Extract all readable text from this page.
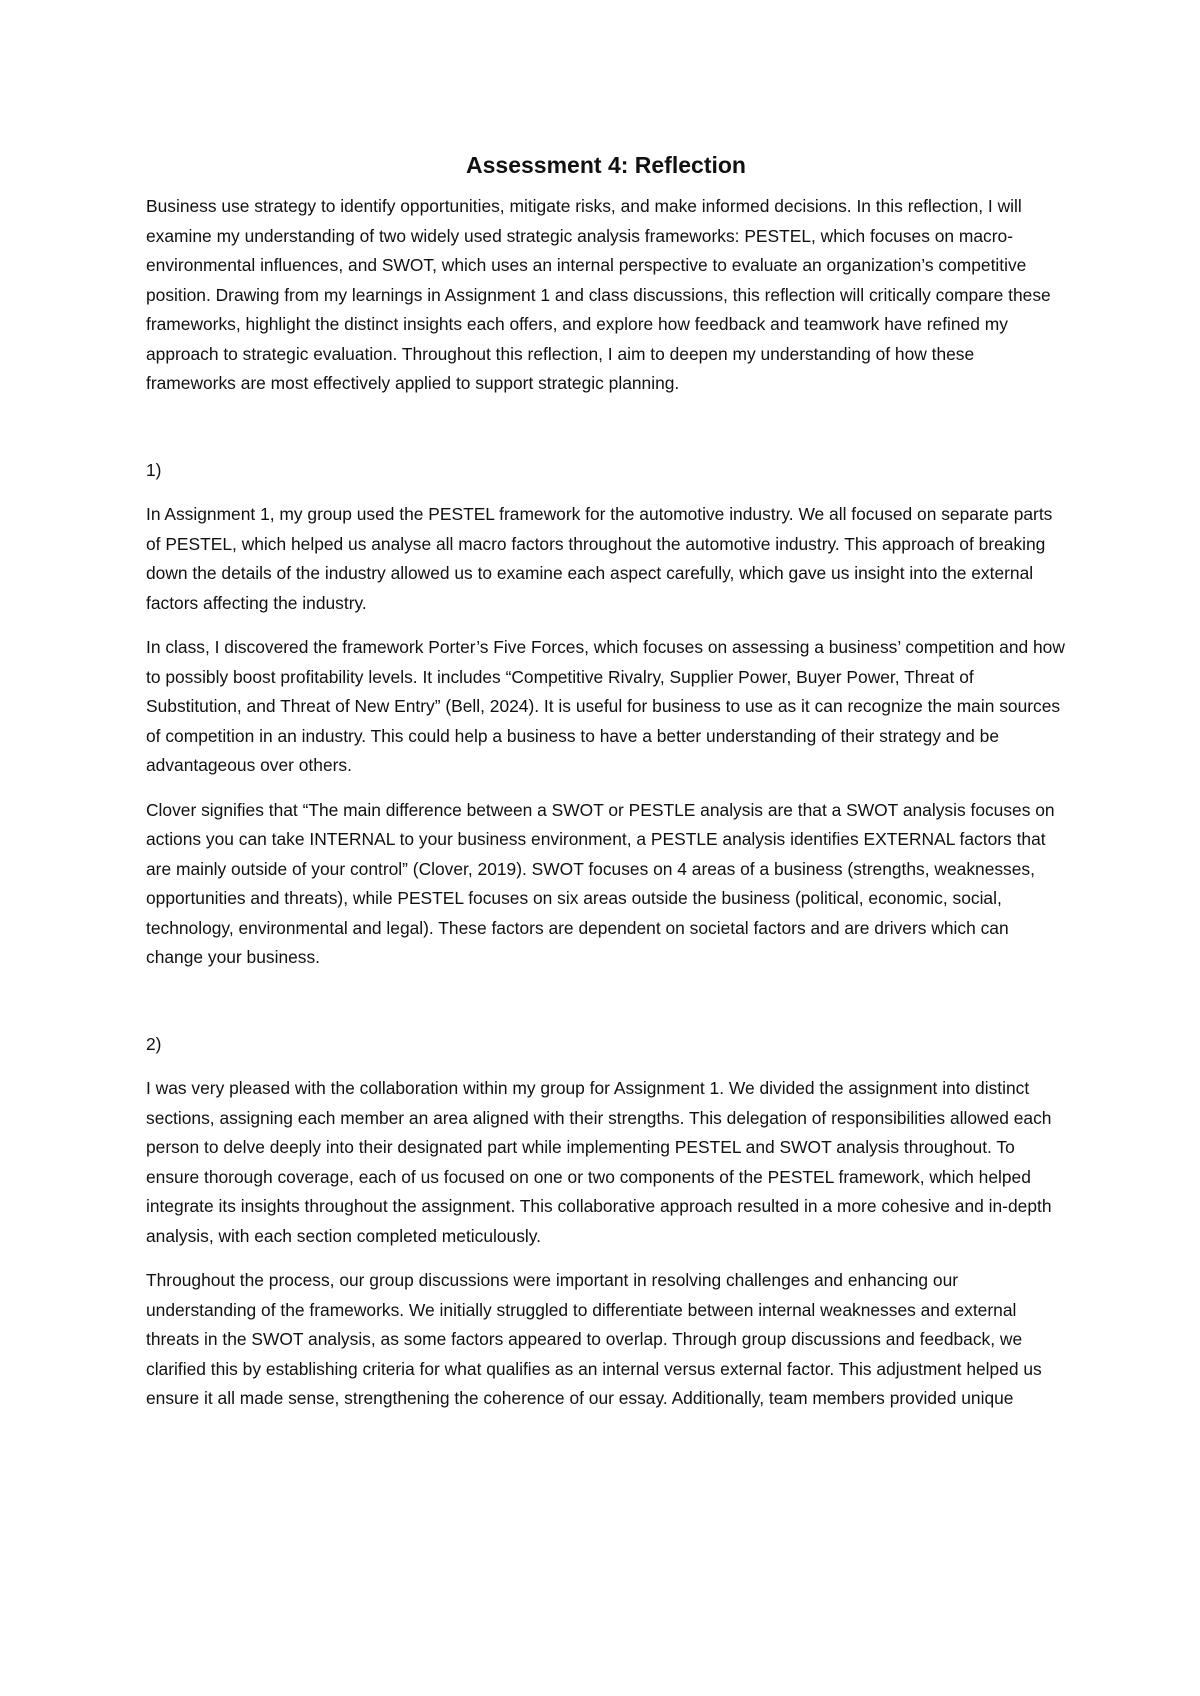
Assessment 4: Reflection

Business use strategy to identify opportunities, mitigate risks, and make informed decisions. In this reflection, I will examine my understanding of two widely used strategic analysis frameworks: PESTEL, which focuses on macro-environmental influences, and SWOT, which uses an internal perspective to evaluate an organization’s competitive position. Drawing from my learnings in Assignment 1 and class discussions, this reflection will critically compare these frameworks, highlight the distinct insights each offers, and explore how feedback and teamwork have refined my approach to strategic evaluation. Throughout this reflection, I aim to deepen my understanding of how these frameworks are most effectively applied to support strategic planning.

1)

In Assignment 1, my group used the PESTEL framework for the automotive industry. We all focused on separate parts of PESTEL, which helped us analyse all macro factors throughout the automotive industry. This approach of breaking down the details of the industry allowed us to examine each aspect carefully, which gave us insight into the external factors affecting the industry.

In class, I discovered the framework Porter’s Five Forces, which focuses on assessing a business’ competition and how to possibly boost profitability levels. It includes “Competitive Rivalry, Supplier Power, Buyer Power, Threat of Substitution, and Threat of New Entry” (Bell, 2024). It is useful for business to use as it can recognize the main sources of competition in an industry. This could help a business to have a better understanding of their strategy and be advantageous over others.

Clover signifies that “The main difference between a SWOT or PESTLE analysis are that a SWOT analysis focuses on actions you can take INTERNAL to your business environment, a PESTLE analysis identifies EXTERNAL factors that are mainly outside of your control” (Clover, 2019). SWOT focuses on 4 areas of a business (strengths, weaknesses, opportunities and threats), while PESTEL focuses on six areas outside the business (political, economic, social, technology, environmental and legal). These factors are dependent on societal factors and are drivers which can change your business.

2)

I was very pleased with the collaboration within my group for Assignment 1. We divided the assignment into distinct sections, assigning each member an area aligned with their strengths. This delegation of responsibilities allowed each person to delve deeply into their designated part while implementing PESTEL and SWOT analysis throughout. To ensure thorough coverage, each of us focused on one or two components of the PESTEL framework, which helped integrate its insights throughout the assignment. This collaborative approach resulted in a more cohesive and in-depth analysis, with each section completed meticulously.

Throughout the process, our group discussions were important in resolving challenges and enhancing our understanding of the frameworks. We initially struggled to differentiate between internal weaknesses and external threats in the SWOT analysis, as some factors appeared to overlap. Through group discussions and feedback, we clarified this by establishing criteria for what qualifies as an internal versus external factor. This adjustment helped us ensure it all made sense, strengthening the coherence of our essay. Additionally, team members provided unique
